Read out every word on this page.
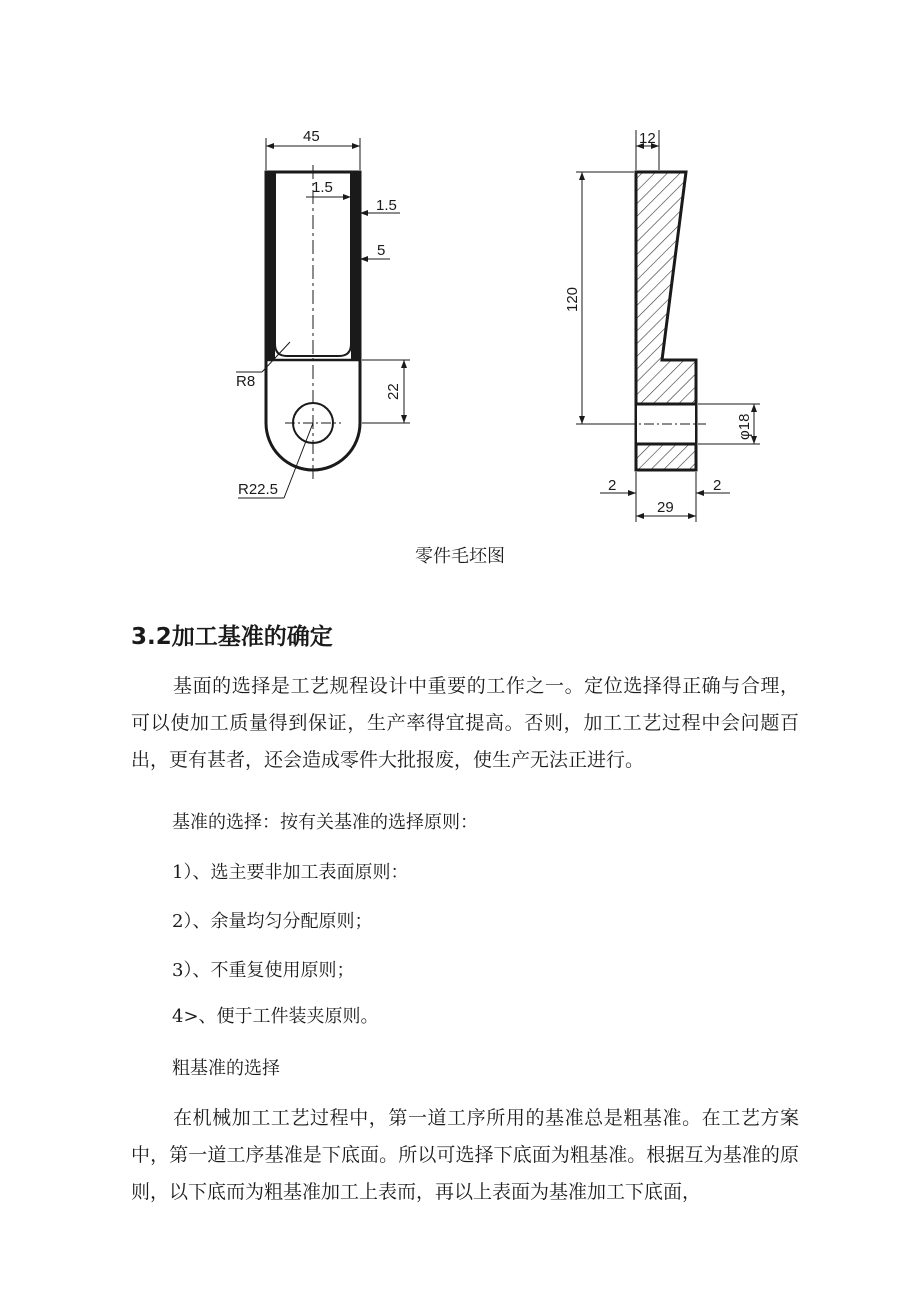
45
1.5
1.5
5
22
R8
R22.5
12
120
φ18
2	2
29
零件毛坯图
3.2加工基准的确定

基面的选择是工艺规程设计中重要的工作之一。定位选择得正确与合理，可以使加工质量得到保证，生产率得宜提高。否则，加工工艺过程中会问题百出，更有甚者，还会造成零件大批报废，使生产无法正进行。

基准的选择：按有关基准的选择原则：

1）、选主要非加工表面原则：

2）、余量均匀分配原则；

3）、不重复使用原则；

4>、便于工件装夹原则。

粗基准的选择

在机械加工工艺过程中，第一道工序所用的基准总是粗基准。在工艺方案中，第一道工序基准是下底面。所以可选择下底面为粗基准。根据互为基准的原则，以下底而为粗基准加工上表而，再以上表面为基准加工下底面，
